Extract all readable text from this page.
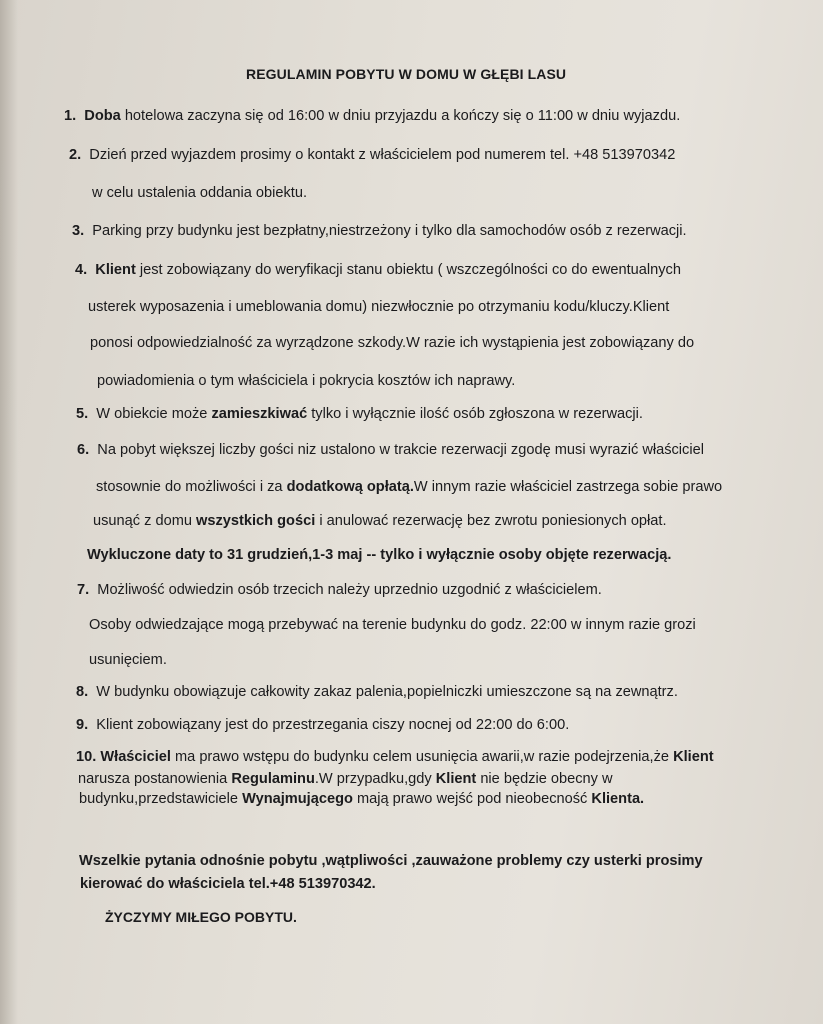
REGULAMIN POBYTU W DOMU W GŁĘBI LASU
1. Doba hotelowa zaczyna się od 16:00 w dniu przyjazdu a kończy się o 11:00 w dniu wyjazdu.
2. Dzień przed wyjazdem prosimy o kontakt z właścicielem pod numerem tel. +48 513970342
w celu ustalenia oddania obiektu.
3. Parking przy budynku jest bezpłatny,niestrzeżony i tylko dla samochodów osób z rezerwacji.
4. Klient jest zobowiązany do weryfikacji stanu obiektu ( wszczególności co do ewentualnych
usterek wyposazenia i umeblowania domu) niezwłocznie po otrzymaniu kodu/kluczy.Klient
ponosi odpowiedzialność za wyrządzone szkody.W razie ich wystąpienia jest zobowiązany do
powiadomienia o tym właściciela i pokrycia kosztów ich naprawy.
5. W obiekcie może zamieszkiwać tylko i wyłącznie ilość osób zgłoszona w rezerwacji.
6. Na pobyt większej liczby gości niz ustalono w trakcie rezerwacji zgodę musi wyrazić właściciel
stosownie do możliwości i za dodatkową opłatą.W innym razie właściciel zastrzega sobie prawo
usunąć z domu wszystkich gości i anulować rezerwację bez zwrotu poniesionych opłat.
Wykluczone daty to 31 grudzień,1-3 maj -- tylko i wyłącznie osoby objęte rezerwacją.
7. Możliwość odwiedzin osób trzecich należy uprzednio uzgodnić z właścicielem.
Osoby odwiedzające mogą przebywać na terenie budynku do godz. 22:00 w innym razie grozi
usunięciem.
8. W budynku obowiązuje całkowity zakaz palenia,popielniczki umieszczone są na zewnątrz.
9. Klient zobowiązany jest do przestrzegania ciszy nocnej od 22:00 do 6:00.
10. Właściciel ma prawo wstępu do budynku celem usunięcia awarii,w razie podejrzenia,że Klient
narusza postanowienia Regulaminu.W przypadku,gdy Klient nie będzie obecny w
budynku,przedstawiciele Wynajmującego mają prawo wejść pod nieobecność Klienta.
Wszelkie pytania odnośnie pobytu ,wątpliwości ,zauważone problemy czy usterki prosimy
kierować do właściciela tel.+48 513970342.
ŻYCZYMY MIŁEGO POBYTU.
